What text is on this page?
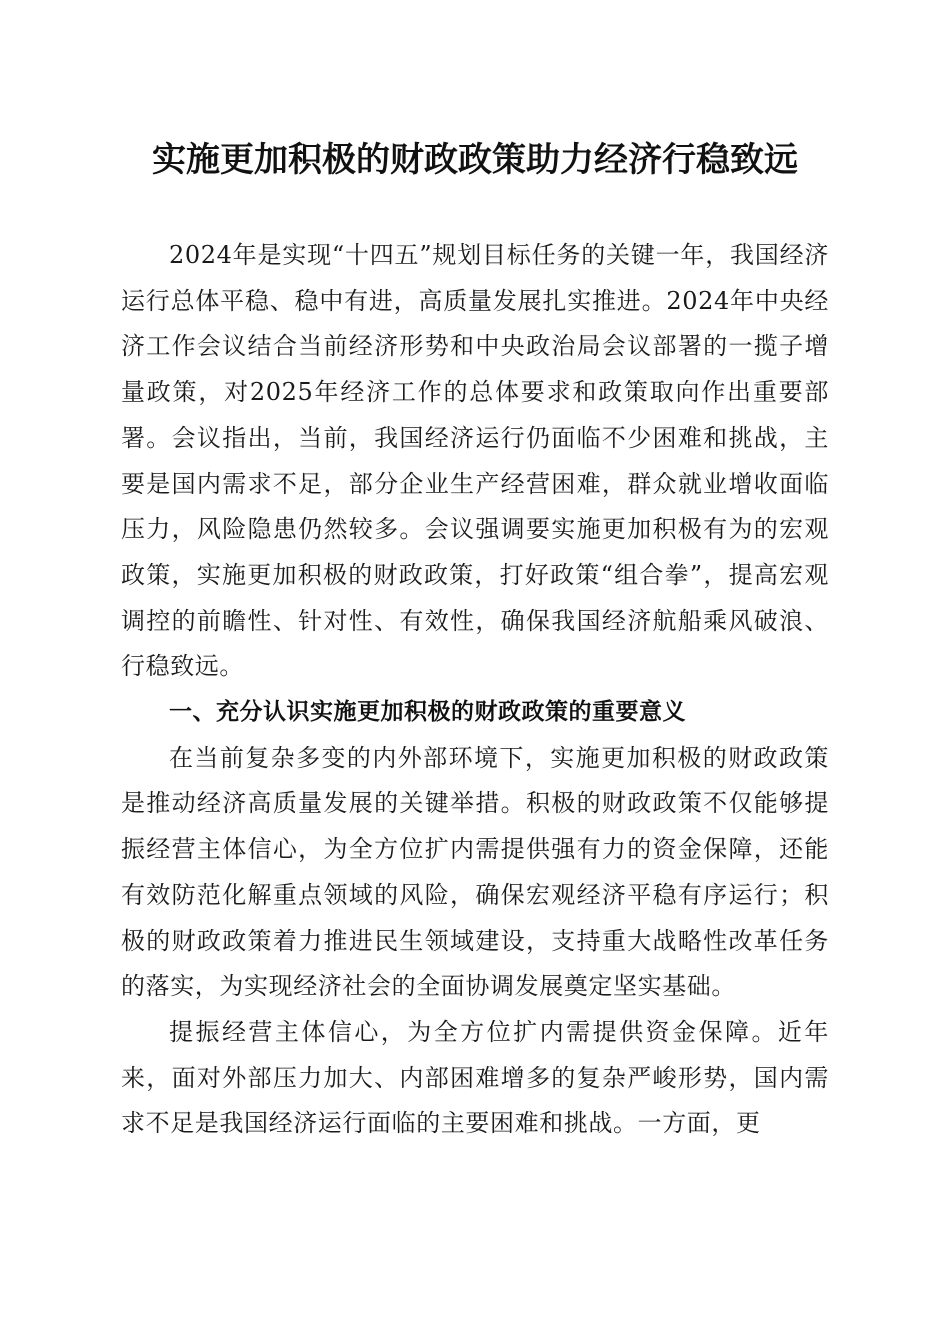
实施更加积极的财政政策助力经济行稳致远

2024年是实现“十四五”规划目标任务的关键一年，我国经济运行总体平稳、稳中有进，高质量发展扎实推进。2024年中央经济工作会议结合当前经济形势和中央政治局会议部署的一揽子增量政策，对2025年经济工作的总体要求和政策取向作出重要部署。会议指出，当前，我国经济运行仍面临不少困难和挑战，主要是国内需求不足，部分企业生产经营困难，群众就业增收面临压力，风险隐患仍然较多。会议强调要实施更加积极有为的宏观政策，实施更加积极的财政政策，打好政策“组合拳”，提高宏观调控的前瞻性、针对性、有效性，确保我国经济航船乘风破浪、行稳致远。

一、充分认识实施更加积极的财政政策的重要意义

在当前复杂多变的内外部环境下，实施更加积极的财政政策是推动经济高质量发展的关键举措。积极的财政政策不仅能够提振经营主体信心，为全方位扩内需提供强有力的资金保障，还能有效防范化解重点领域的风险，确保宏观经济平稳有序运行；积极的财政政策着力推进民生领域建设，支持重大战略性改革任务的落实，为实现经济社会的全面协调发展奠定坚实基础。

提振经营主体信心，为全方位扩内需提供资金保障。近年来，面对外部压力加大、内部困难增多的复杂严峻形势，国内需求不足是我国经济运行面临的主要困难和挑战。一方面，更
